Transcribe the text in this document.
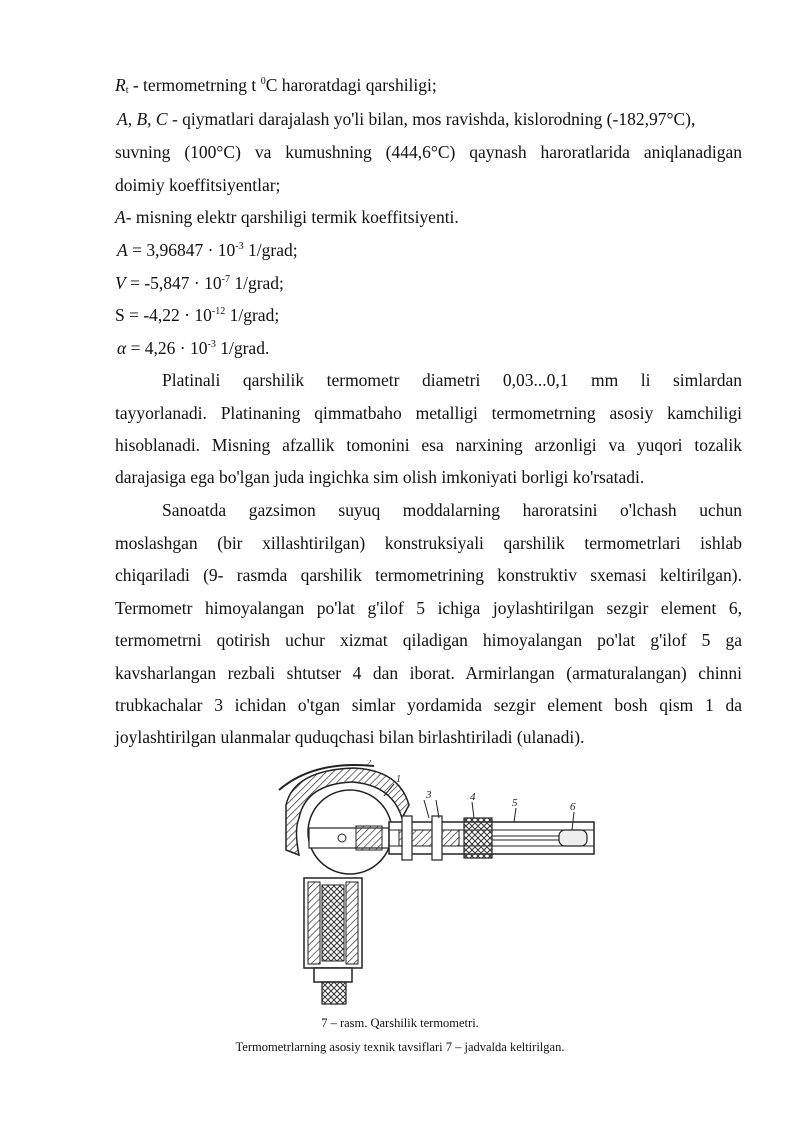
$R_t$ - termometrning t $^0$C haroratdagi qarshiligi;
A, B, C - qiymatlari darajalash yo'li bilan, mos ravishda, kislorodning (-182,97°C),
suvning (100°C) va kumushning (444,6°C) qaynash haroratlarida aniqlanadigan
doimiy koeffitsiyentlar;
A- misning elektr qarshiligi termik koeffitsiyenti.
$A = 3,96847 \cdot 10^{-3}$ 1/grad;
$V = -5,847 \cdot 10^{-7}$ 1/grad;
$S = -4,22 \cdot 10^{-12}$ 1/grad;
$\alpha = 4,26 \cdot 10^{-3}$ 1/grad.
Platinali qarshilik termometr diametri 0,03...0,1 mm li simlardan
tayyorlanadi. Platinaning qimmatbaho metalligi termometrning asosiy kamchiligi
hisoblanadi. Misning afzallik tomonini esa narxining arzonligi va yuqori tozalik
darajasiga ega bo'lgan juda ingichka sim olish imkoniyati borligi ko'rsatadi.
Sanoatda gazsimon suyuq moddalarning haroratsini o'lchash uchun
moslashgan (bir xillashtirilgan) konstruksiyali qarshilik termometrlari ishlab
chiqariladi (9- rasmda qarshilik termometrining konstruktiv sxemasi keltirilgan).
Termometr himoyalangan po'lat g'ilof 5 ichiga joylashtirilgan sezgir element 6,
termometrni qotirish uchur xizmat qiladigan himoyalangan po'lat g'ilof 5 ga
kavsharlangan rezbali shtutser 4 dan iborat. Armirlangan (armaturalangan) chinni
trubkachalar 3 ichidan o'tgan simlar yordamida sezgir element bosh qism 1 da
joylashtirilgan ulanmalar quduqchasi bilan birlashtiriladi (ulanadi).
2
1
3	4	5	6
7 – rasm. Qarshilik termometri.
Termometrlarning asosiy texnik tavsiflari 7 – jadvalda keltirilgan.
